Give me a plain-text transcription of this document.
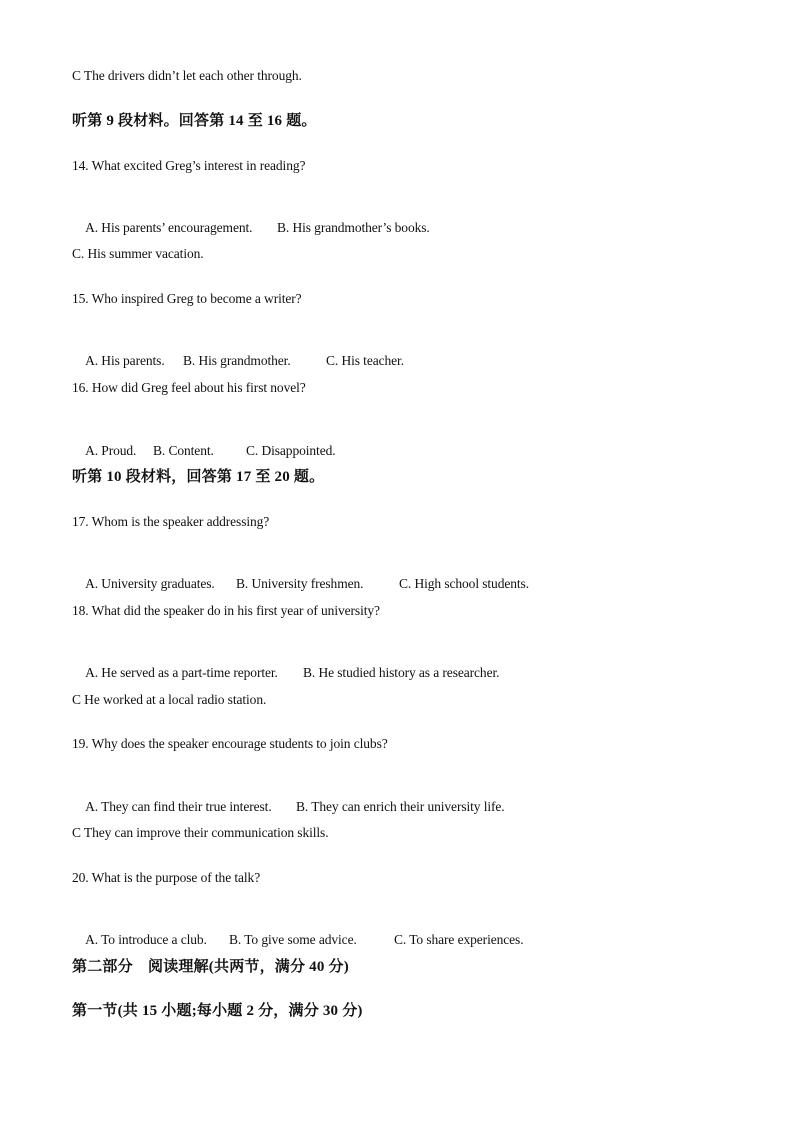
C The drivers didn’t let each other through.
听第 9 段材料。回答第 14 至 16 题。
14. What excited Greg’s interest in reading?

A. His parents’ encouragement. B. His grandmother’s books.

C. His summer vacation.
15. Who inspired Greg to become a writer?

A. His parents. B. His grandmother.	C. His teacher.

16. How did Greg feel about his first novel?

A. Proud. B. Content. C. Disappointed.

听第 10 段材料，回答第 17 至 20 题。
17. Whom is the speaker addressing?

A. University graduates. B. University freshmen.	C. High school students.

18. What did the speaker do in his first year of university?

A. He served as a part-time reporter. B. He studied history as a researcher.

C He worked at a local radio station.
19. Why does the speaker encourage students to join clubs?

A. They can find their true interest. B. They can enrich their university life.

C They can improve their communication skills.
20. What is the purpose of the talk?

A. To introduce a club. B. To give some advice.	C. To share experiences.

第二部分　阅读理解(共两节，满分 40 分)
第一节(共 15 小题;每小题 2 分，满分 30 分)
